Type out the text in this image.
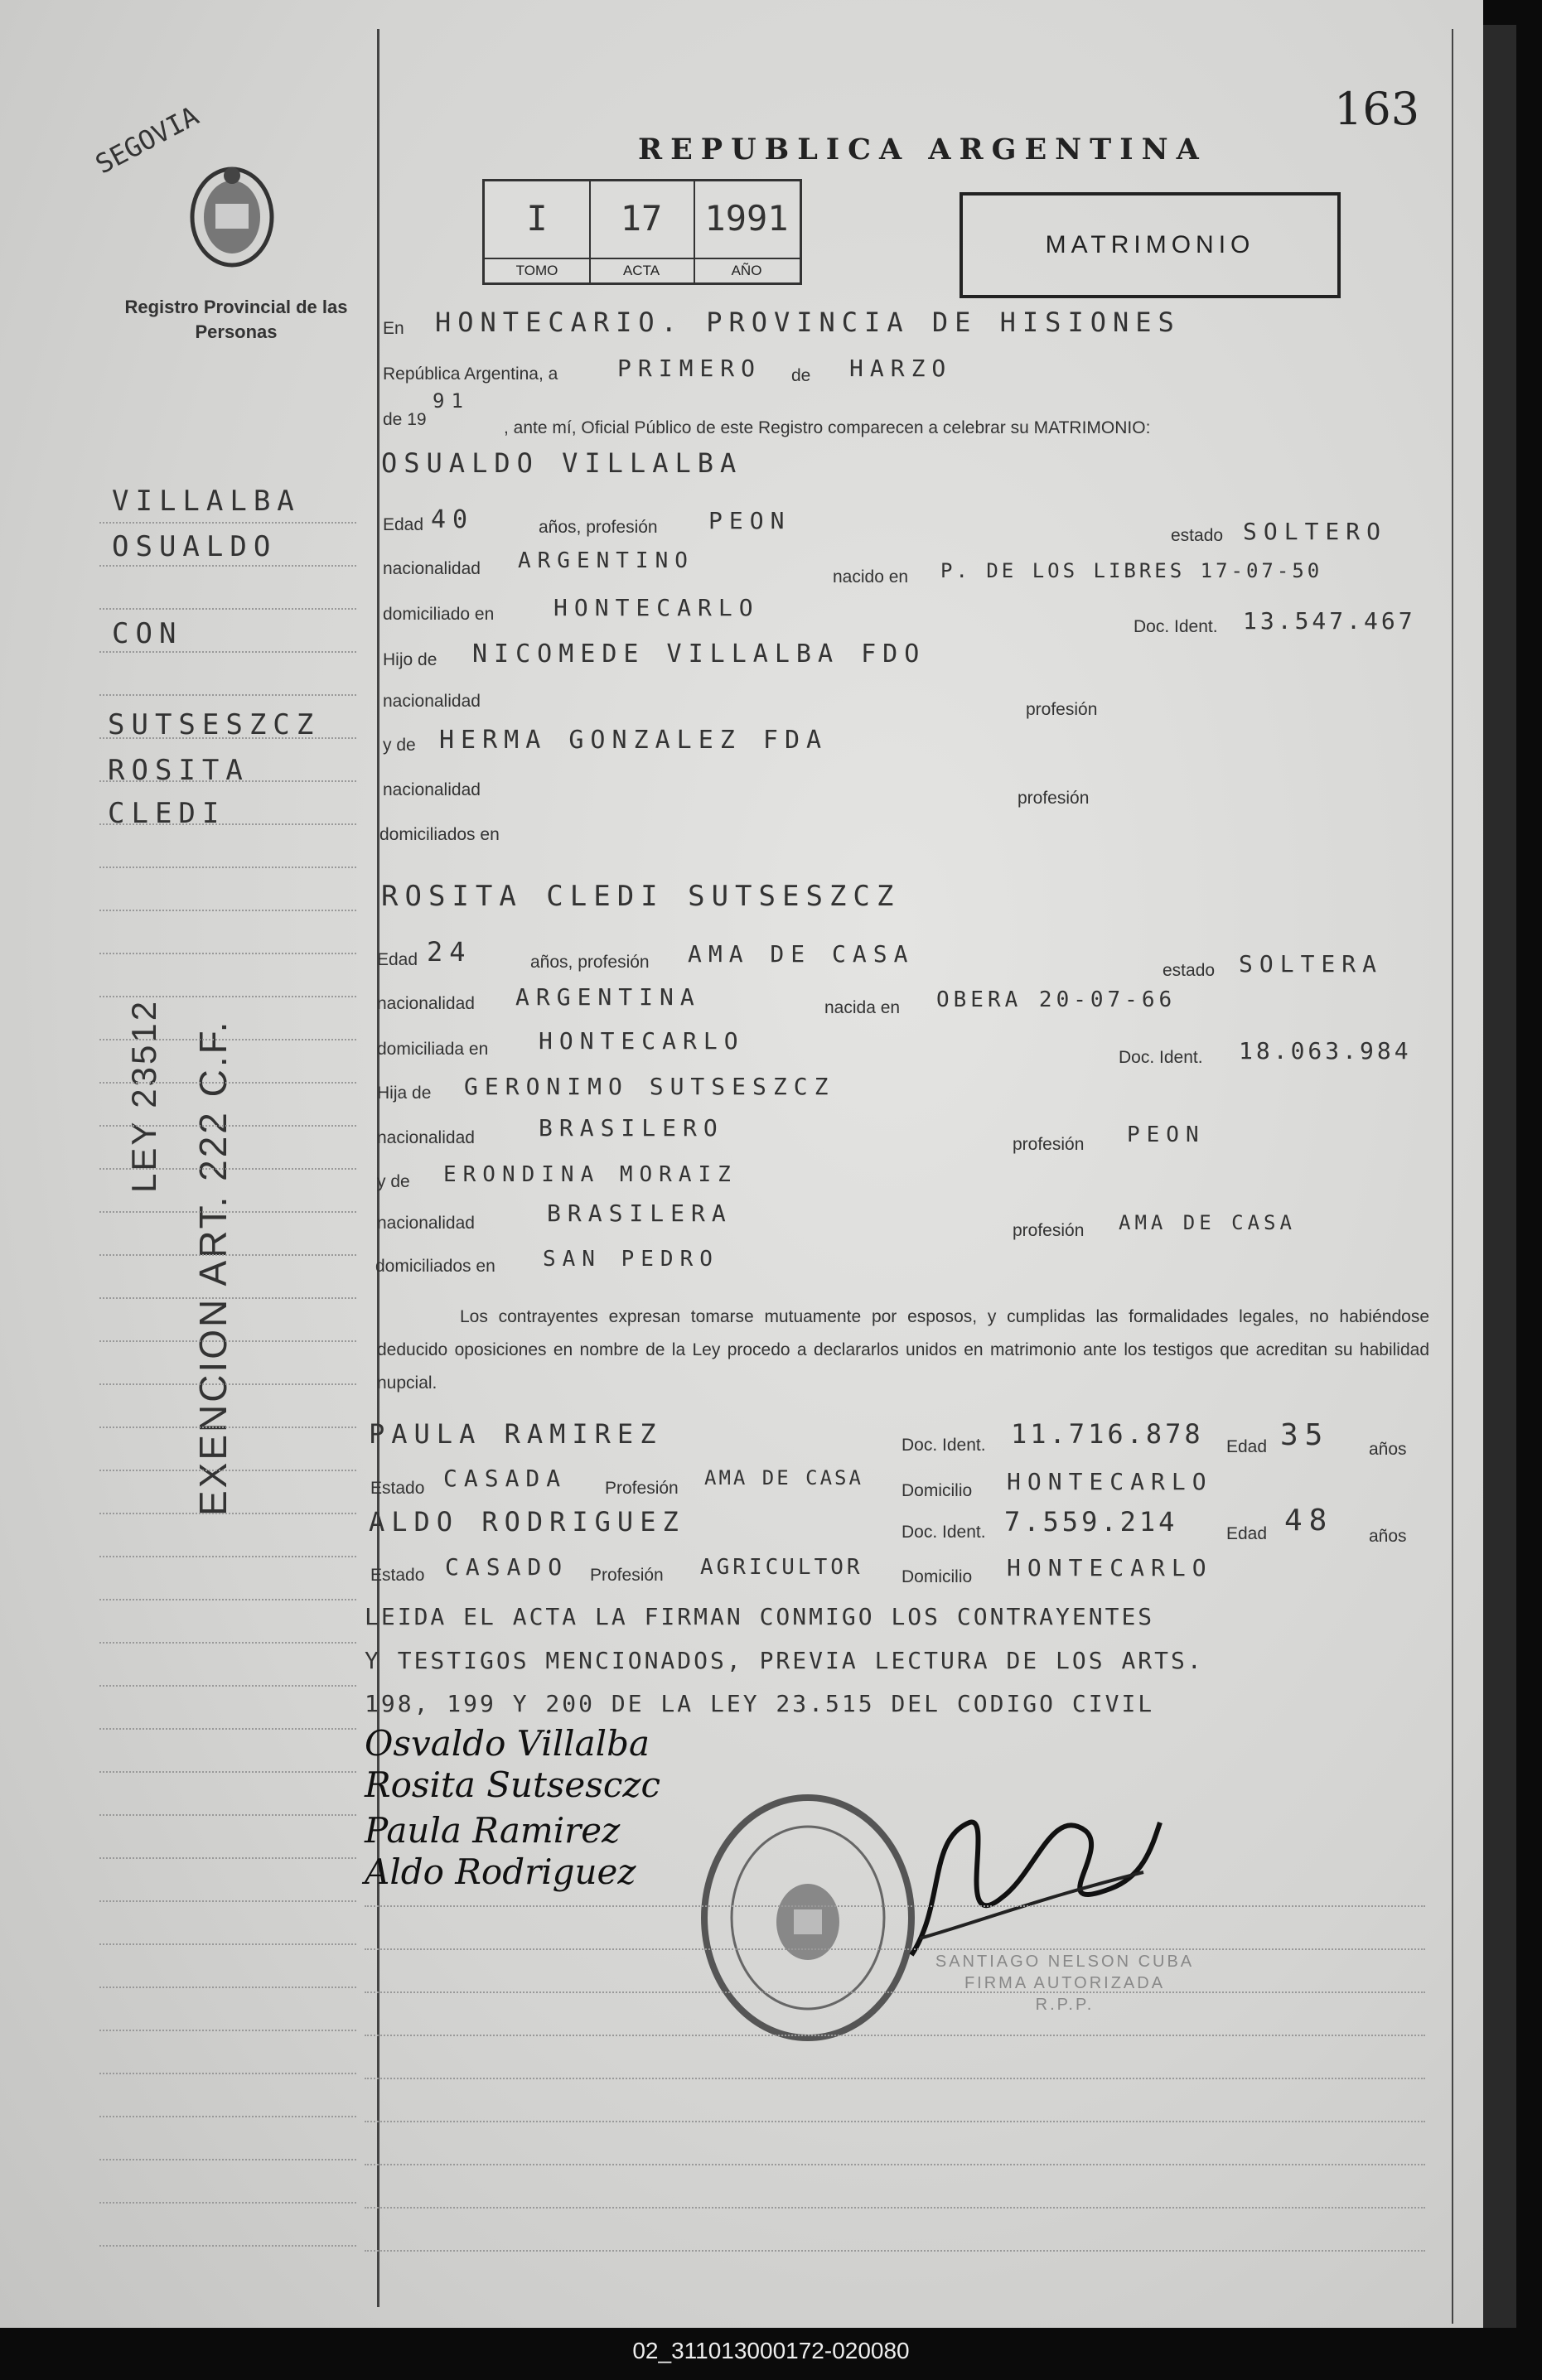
163
REPUBLICA ARGENTINA
SEGOVIA
Registro Provincial de las Personas
I
TOMO
17
ACTA
1991
AÑO
MATRIMONIO
VILLALBA
OSUALDO
CON
SUTSESZCZ
ROSITA
CLEDI
LEY 23512 EXENCION ART. 222 C.F.
En HONTECARIO. PROVINCIA DE HISIONES
República Argentina, a	PRIMERO de HARZO
de 19
91
, ante mí, Oficial Público de este Registro comparecen a celebrar su MATRIMONIO:
OSUALDO VILLALBA
Edad 40	años, profesión PEON
estado SOLTERO
nacionalidad ARGENTINO
nacido en P. DE LOS LIBRES 17-07-50
domiciliado en	HONTECARLO
Doc. Ident. 13.547.467
Hijo de NICOMEDE VILLALBA FDO
nacionalidad	profesión
y de HERMA GONZALEZ FDA
nacionalidad	profesión
domiciliados en
ROSITA CLEDI SUTSESZCZ
Edad 24	años, profesión AMA DE CASA
estado SOLTERA
nacionalidad ARGENTINA	nacida en OBERA 20-07-66
domiciliada en HONTECARLO
Doc. Ident. 18.063.984
Hija de GERONIMO SUTSESZCZ
nacionalidad	BRASILERO
profesión PEON
y de ERONDINA MORAIZ
nacionalidad	BRASILERA
profesión AMA DE CASA
domiciliados en SAN PEDRO
Los contrayentes expresan tomarse mutuamente por esposos, y cumplidas las formalidades legales, no habiéndose deducido oposiciones en nombre de la Ley procedo a declararlos unidos en matrimonio ante los testigos que acreditan su habilidad nupcial.
PAULA RAMIREZ	Doc. Ident. 11.716.878 Edad 35 años
Estado CASADA Profesión AMA DE CASA
Domicilio HONTECARLO
ALDO RODRIGUEZ	Doc. Ident. 7.559.214	Edad 48 años
Estado CASADO Profesión AGRICULTOR Domicilio HONTECARLO
LEIDA EL ACTA LA FIRMAN CONMIGO LOS CONTRAYENTES
Y TESTIGOS MENCIONADOS, PREVIA LECTURA DE LOS ARTS.
198, 199 Y 200 DE LA LEY 23.515 DEL CODIGO CIVIL
Osvaldo Villalba
Rosita Sutsesczc
Paula Ramirez
Aldo Rodriguez
SANTIAGO NELSON CUBA
FIRMA AUTORIZADA
R.P.P.
02_311013000172-020080
